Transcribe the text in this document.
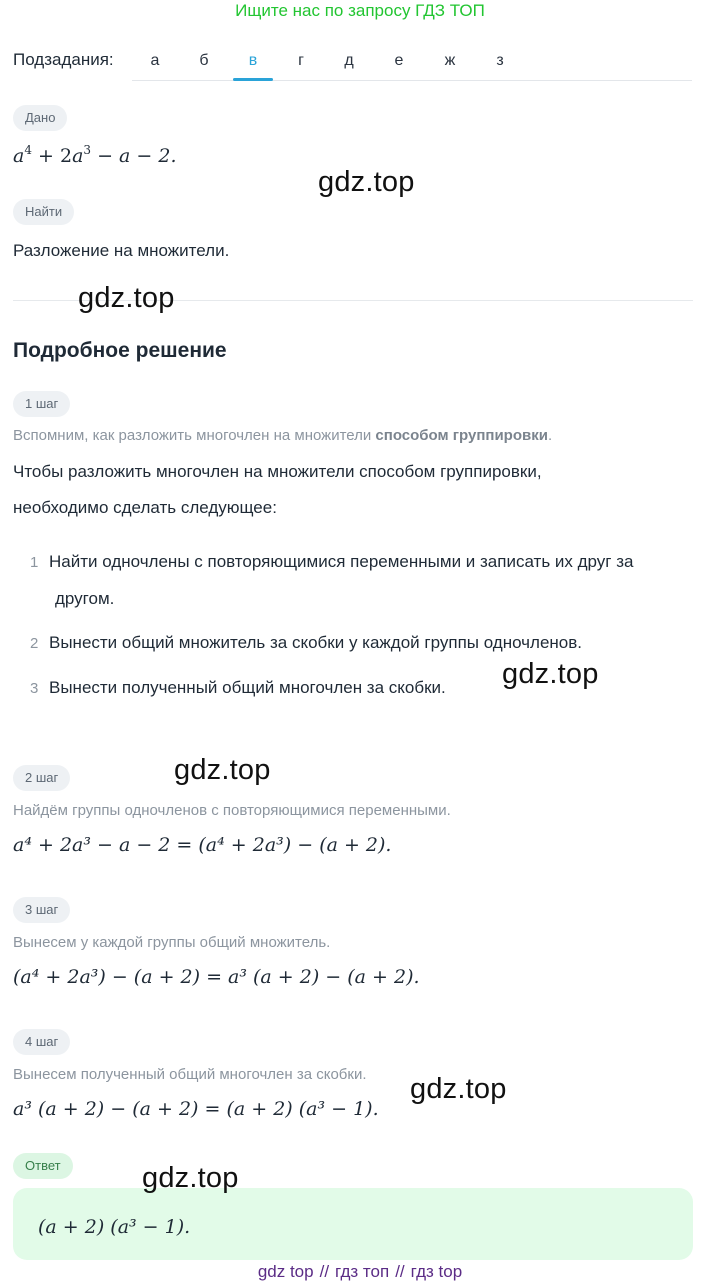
Ищите нас по запросу ГДЗ ТОП
Подзадания:	а	б	в	г	д	е	ж	з
Дано
$a^4 + 2a^3 - a - 2$.
gdz.top
Найти
Разложение на множители.
gdz.top
Подробное решение
1 шаг
Вспомним, как разложить многочлен на множители способом группировки.
Чтобы разложить многочлен на множители способом группировки,
необходимо сделать следующее:
1 Найти одночлены с повторяющимися переменными и записать их друг за
другом.
2 Вынести общий множитель за скобки у каждой группы одночленов.
3 Вынести полученный общий многочлен за скобки. gdz.top
2 шаг	gdz.top
Найдём группы одночленов с повторяющимися переменными.
a⁴ + 2a³ − a − 2 = (a⁴ + 2a³) − (a + 2).
3 шаг
Вынесем у каждой группы общий множитель.
(a⁴ + 2a³) − (a + 2) = a³ (a + 2) − (a + 2).
4 шаг
Вынесем полученный общий многочлен за скобки. gdz.top
a³ (a + 2) − (a + 2) = (a + 2) (a³ − 1).
Ответ	gdz.top
(a + 2) (a³ − 1).
gdz top // гдз топ // гдз top
